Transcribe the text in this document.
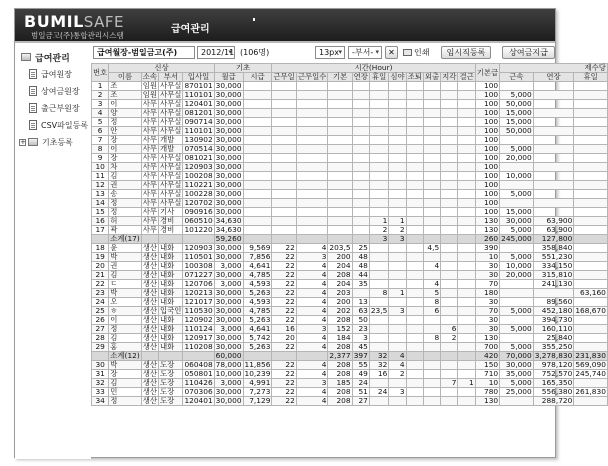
BUMILSAFE
범일금고(주)통합관리시스템
급여관리
급여관리
급여원장
상여금원장
출근부원장
CSV파일등록
+ 기초등록
급여월장-범일금고(주)	2012/11 ▾ (106명)	13px ▾	-부서- ▾	✕	인쇄	임시직등록	상여금지급
번호	신상				기초		시간(Hour)										기본급	제수당		
	이름	소속	부서	입사일	월급	시급	근무일	근무일수	기본	연장	휴일	심야	조퇴	외출	지각	결근		근속	연장	휴일
1	조	임원	사무실	870101	30,000												100			
2	조	임원	사무실	110101	30,000												100	5,000		
3	이	사무	사무실	120401	30,000												100	50,000		
4	양	사무	사무실	081201	30,000												100	15,000		
5	정	사무	사무실	090714	30,000												100	15,000		
6	안	사무	사무실	110101	30,000												100	50,000		
7	장	사무	개발	130902	30,000												100			
8	이	사무	개발	070514	30,000												100	5,000		
9	장	사무	사무실	081021	30,000												100	20,000		
10	차	사무	사무실	120903	30,000												100			
11	김	사무	사무실	100208	30,000												100	10,000		
12	권	사무	사무실	110221	30,000												100			
13	송	사무	사무실	100228	30,000												100	5,000		
14	정	사무	사무실	120702	30,000												100			
15	정	사무	기사	090916	30,000												100	15,000		
16	허	사무	경비	060510	34,630						1	1					130	30,000	63,900	
17	곽	사무	경비	101220	34,630						2	2					130	5,000	63,900	
	소계(17)				59,260						3	3					260	245,000	127,800	
18	윤	생산	내화	120903	30,000	9,569	22	4	203,5	25				4,5			390		358,840	
19	박	생산	내화	110501	30,000	7,856	22	3	200	48							10	5,000	551,230	
20	권	생산	내화	100308	3,000	4,641	22	4	204	48				4			30	10,000	334,150	
21	김	생산	내화	071227	30,000	4,785	22	4	208	44							30	20,000	315,810	
22	ㄷ	생산	내화	120706	3,000	4,593	22	4	204	35				4			70		241,130	
23	박	생산	내화	120213	30,000	5,263	22	4	203		8	1		5			180			63,160
24	오	생산	내화	121017	30,000	4,593	22	4	200	13				8			30		89,560	
25	ㅎ	생산	입국인	110530	30,000	4,785	22	4	202	63	23,5	3		6			70	5,000	452,180	168,670
26	이	생산	내화	120902	30,000	5,263	22	4	208	50							30		394,730	
27	정	생산	내화	110124	3,000	4,641	16	3	152	23					6		30	5,000	160,110	
28	김	생산	내화	120917	30,000	5,742	20	4	184	3				8	2		130		25,840	
29	홍	생산	내화	110208	30,000	5,263	22	4	208	45							700	5,000	355,250	
	소계(12)				60,000				2,377	397	32	4					420	70,000	3,278,830	231,830
30	박	생산	도장	060408	78,000	11,856	22	4	208	55	32	4					150	30,000	978,120	569,090
31	장	생산	도장	050801	10,000	10,239	22	4	208	49	16	2					710	35,000	752,570	245,740
32	김	생산	도장	110426	3,000	4,991	22	3	185	24					7	1	10	5,000	165,350	
33	민	생산	도장	070306	30,000	7,273	22	4	208	51	24	3					780	25,000	556,380	261,830
34	정	생산	도장	120401	30,000	7,129	22	4	208	27							130		288,720	
